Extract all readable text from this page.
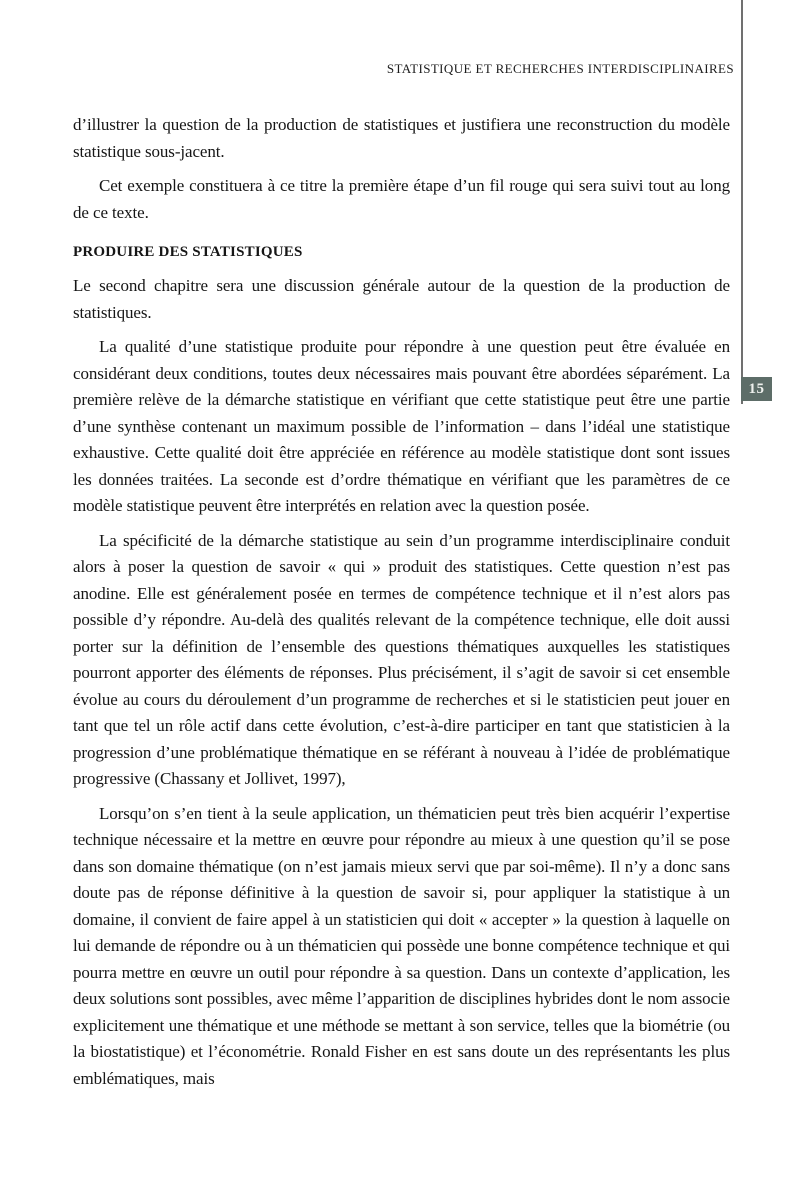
15
STATISTIQUE ET RECHERCHES INTERDISCIPLINAIRES

d’illustrer la question de la production de statistiques et justifiera une reconstruction du modèle statistique sous-jacent.

Cet exemple constituera à ce titre la première étape d’un fil rouge qui sera suivi tout au long de ce texte.

PRODUIRE DES STATISTIQUES

Le second chapitre sera une discussion générale autour de la question de la production de statistiques.

La qualité d’une statistique produite pour répondre à une question peut être évaluée en considérant deux conditions, toutes deux nécessaires mais pouvant être abordées séparément. La première relève de la démarche statistique en vérifiant que cette statistique peut être une partie d’une synthèse contenant un maximum possible de l’information – dans l’idéal une statistique exhaustive. Cette qualité doit être appréciée en référence au modèle statistique dont sont issues les données traitées. La seconde est d’ordre thématique en vérifiant que les paramètres de ce modèle statistique peuvent être interprétés en relation avec la question posée.

La spécificité de la démarche statistique au sein d’un programme interdisciplinaire conduit alors à poser la question de savoir « qui » produit des statistiques. Cette question n’est pas anodine. Elle est généralement posée en termes de compétence technique et il n’est alors pas possible d’y répondre. Au-delà des qualités relevant de la compétence technique, elle doit aussi porter sur la définition de l’ensemble des questions thématiques auxquelles les statistiques pourront apporter des éléments de réponses. Plus précisément, il s’agit de savoir si cet ensemble évolue au cours du déroulement d’un programme de recherches et si le statisticien peut jouer en tant que tel un rôle actif dans cette évolution, c’est-à-dire participer en tant que statisticien à la progression d’une problématique thématique en se référant à nouveau à l’idée de problématique progressive (Chassany et Jollivet, 1997),

Lorsqu’on s’en tient à la seule application, un thématicien peut très bien acquérir l’expertise technique nécessaire et la mettre en œuvre pour répondre au mieux à une question qu’il se pose dans son domaine thématique (on n’est jamais mieux servi que par soi-même). Il n’y a donc sans doute pas de réponse définitive à la question de savoir si, pour appliquer la statistique à un domaine, il convient de faire appel à un statisticien qui doit « accepter » la question à laquelle on lui demande de répondre ou à un thématicien qui possède une bonne compétence technique et qui pourra mettre en œuvre un outil pour répondre à sa question. Dans un contexte d’application, les deux solutions sont possibles, avec même l’apparition de disciplines hybrides dont le nom associe explicitement une thématique et une méthode se mettant à son service, telles que la biométrie (ou la biostatistique) et l’économétrie. Ronald Fisher en est sans doute un des représentants les plus emblématiques, mais
